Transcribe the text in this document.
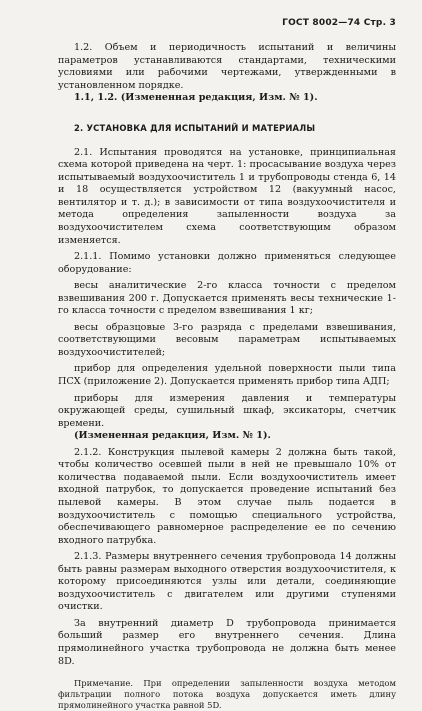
ГОСТ 8002—74 Стр. 3

1.2. Объем и периодичность испытаний и величины параметров устанавливаются стандартами, техническими условиями или рабочими чертежами, утвержденными в установленном порядке.

1.1, 1.2. (Измененная редакция, Изм. № 1).

2. УСТАНОВКА ДЛЯ ИСПЫТАНИЙ И МАТЕРИАЛЫ

2.1. Испытания проводятся на установке, принципиальная схема которой приведена на черт. 1: просасывание воздуха через испытываемый воздухоочиститель 1 и трубопроводы стенда 6, 14 и 18 осуществляется устройством 12 (вакуумный насос, вентилятор и т. д.); в зависимости от типа воздухоочистителя и метода определения запыленности воздуха за воздухоочистителем схема соответствующим образом изменяется.

2.1.1. Помимо установки должно применяться следующее оборудование:

весы аналитические 2-го класса точности с пределом взвешивания 200 г. Допускается применять весы технические 1-го класса точности с пределом взвешивания 1 кг;

весы образцовые 3-го разряда с пределами взвешивания, соответствующими весовым параметрам испытываемых воздухоочистителей;

прибор для определения удельной поверхности пыли типа ПСХ (приложение 2). Допускается применять прибор типа АДП;

приборы для измерения давления и температуры окружающей среды, сушильный шкаф, эксикаторы, счетчик времени.

(Измененная редакция, Изм. № 1).

2.1.2. Конструкция пылевой камеры 2 должна быть такой, чтобы количество осевшей пыли в ней не превышало 10% от количества подаваемой пыли. Если воздухоочиститель имеет входной патрубок, то допускается проведение испытаний без пылевой камеры. В этом случае пыль подается в воздухоочиститель с помощью специального устройства, обеспечивающего равномерное распределение ее по сечению входного патрубка.

2.1.3. Размеры внутреннего сечения трубопровода 14 должны быть равны размерам выходного отверстия воздухоочистителя, к которому присоединяются узлы или детали, соединяющие воздухоочиститель с двигателем или другими ступенями очистки.

За внутренний диаметр D трубопровода принимается больший размер его внутреннего сечения. Длина прямолинейного участка трубопровода не должна быть менее 8D.

Примечание. При определении запыленности воздуха методом фильтрации полного потока воздуха допускается иметь длину прямолинейного участка равной 5D.
